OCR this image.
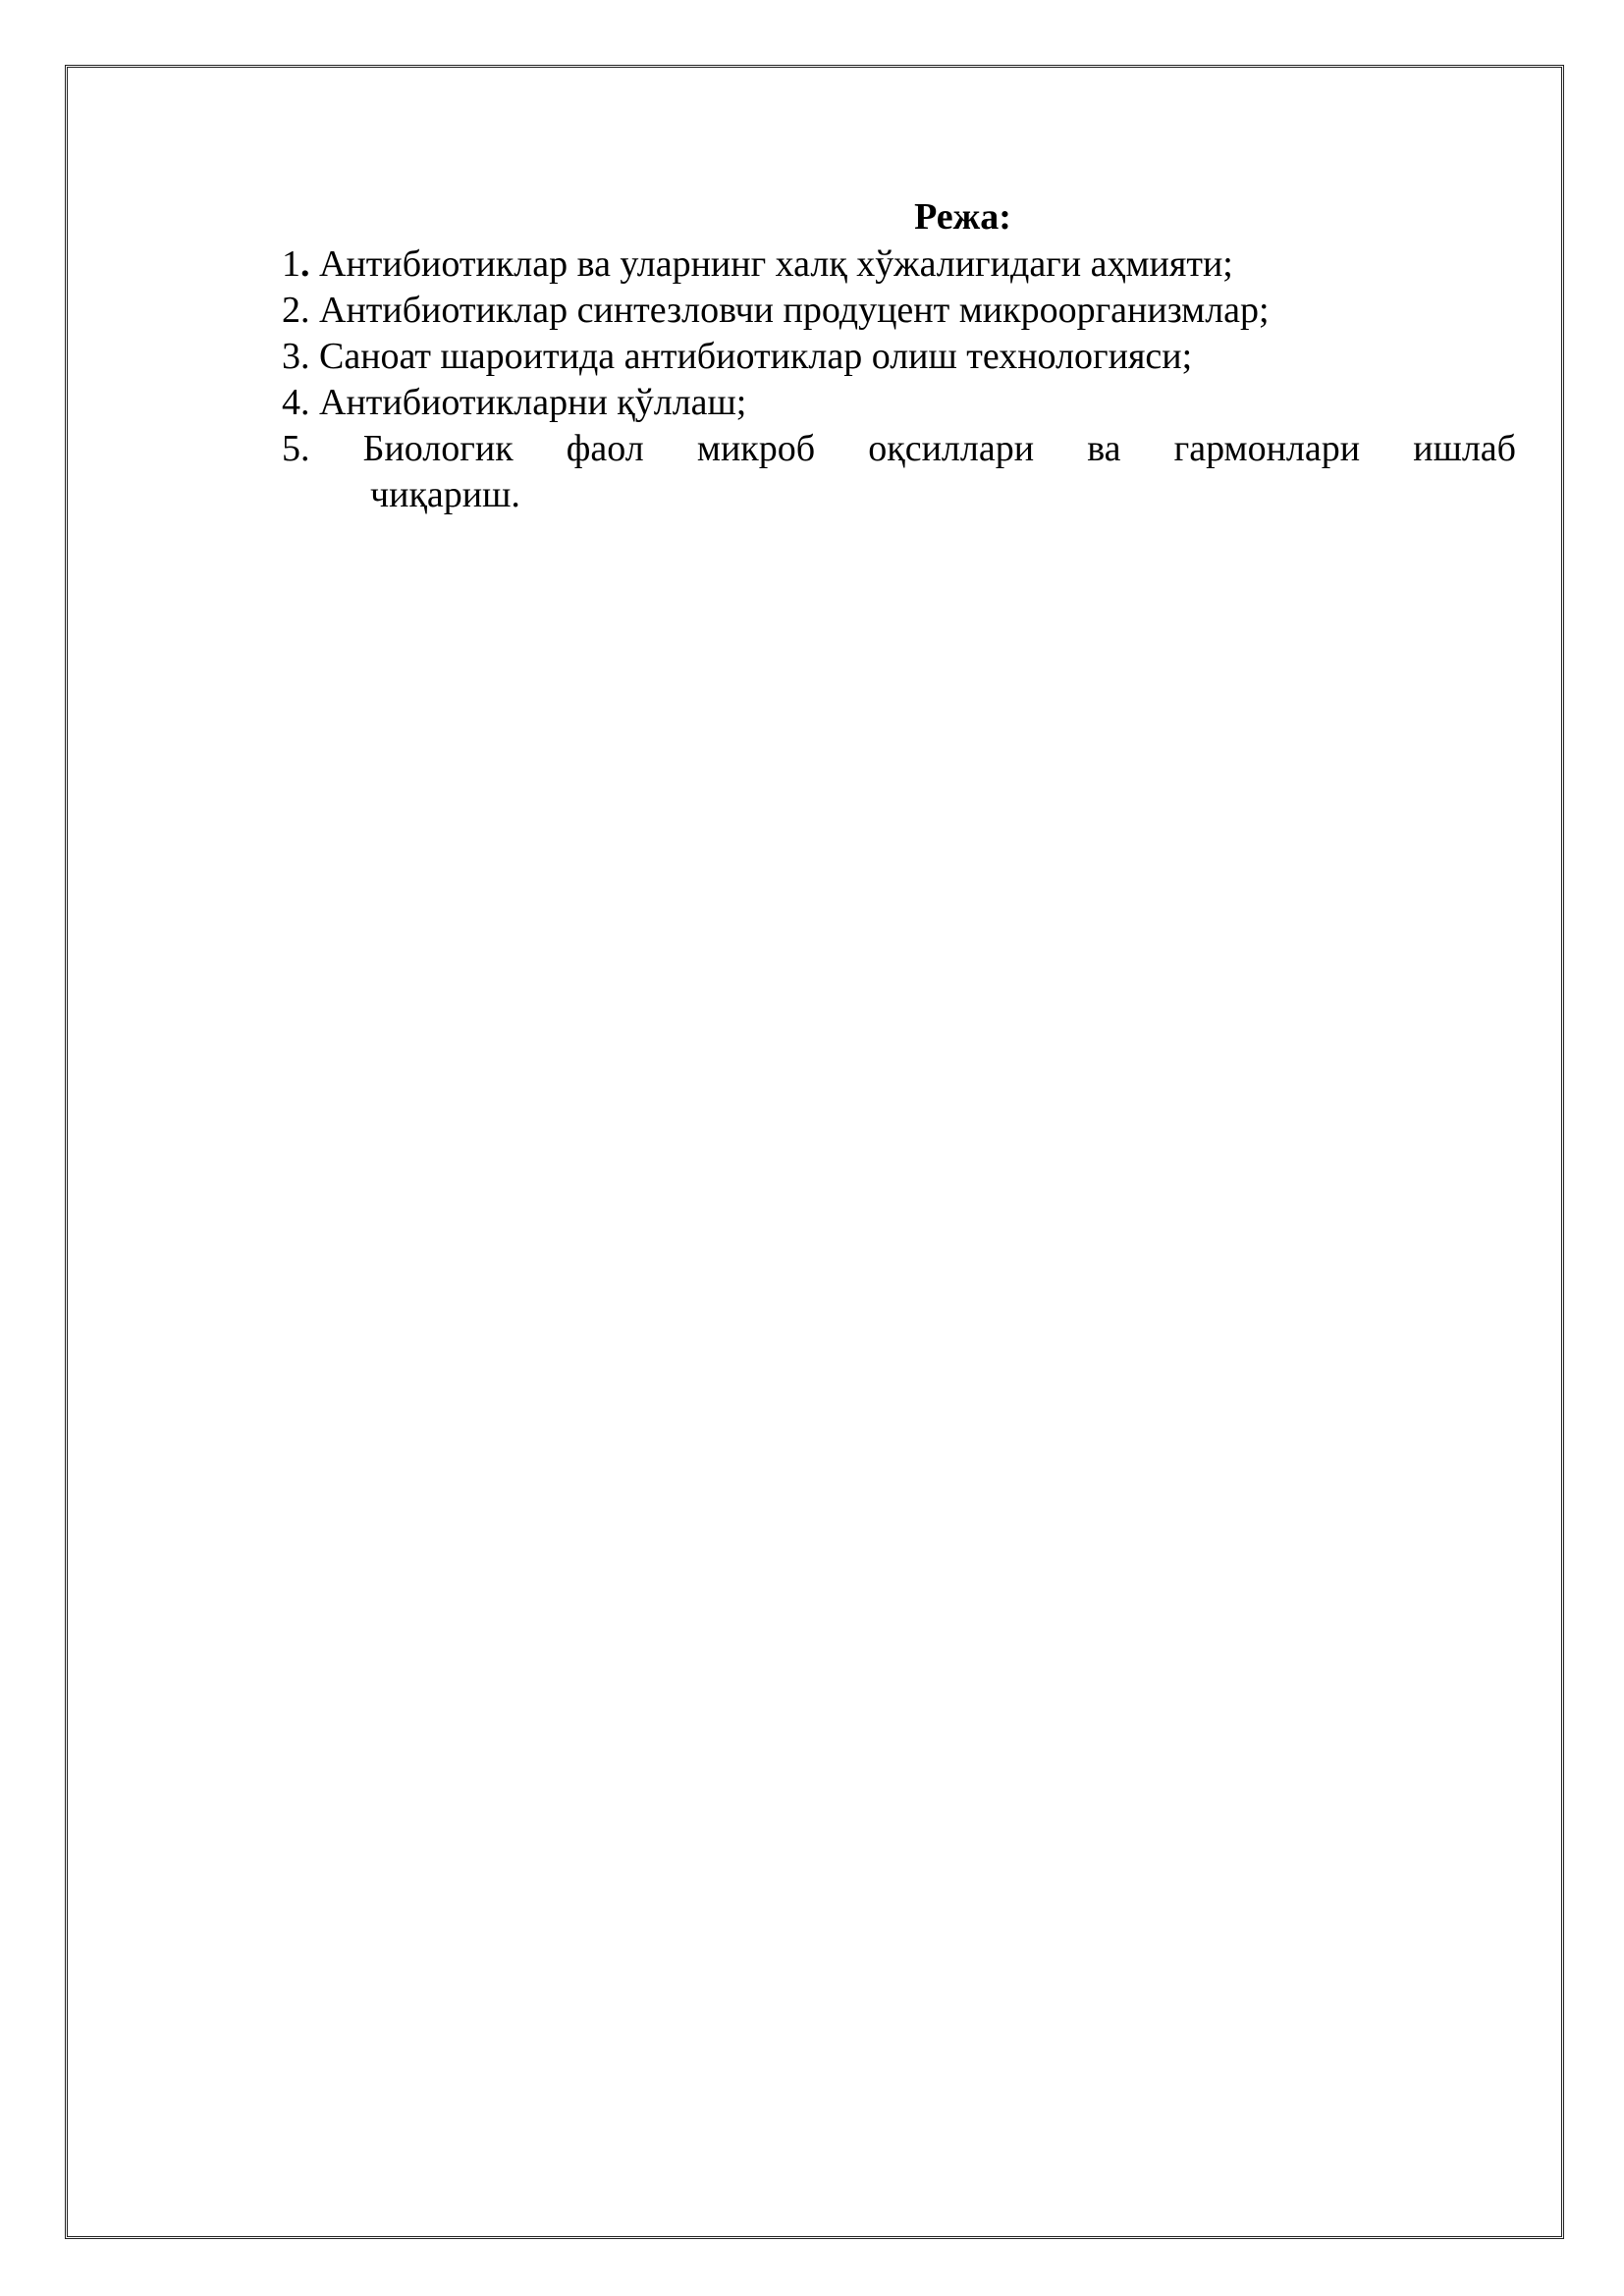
Режа:
1. Антибиотиклар ва уларнинг халқ хўжалигидаги аҳмияти;
2. Антибиотиклар синтезловчи продуцент микроорганизмлар;
3. Саноат шароитида антибиотиклар олиш технологияси;
4. Антибиотикларни қўллаш;
5. Биологик фаол микроб оқсиллари ва гармонлари ишлаб
чиқариш.
